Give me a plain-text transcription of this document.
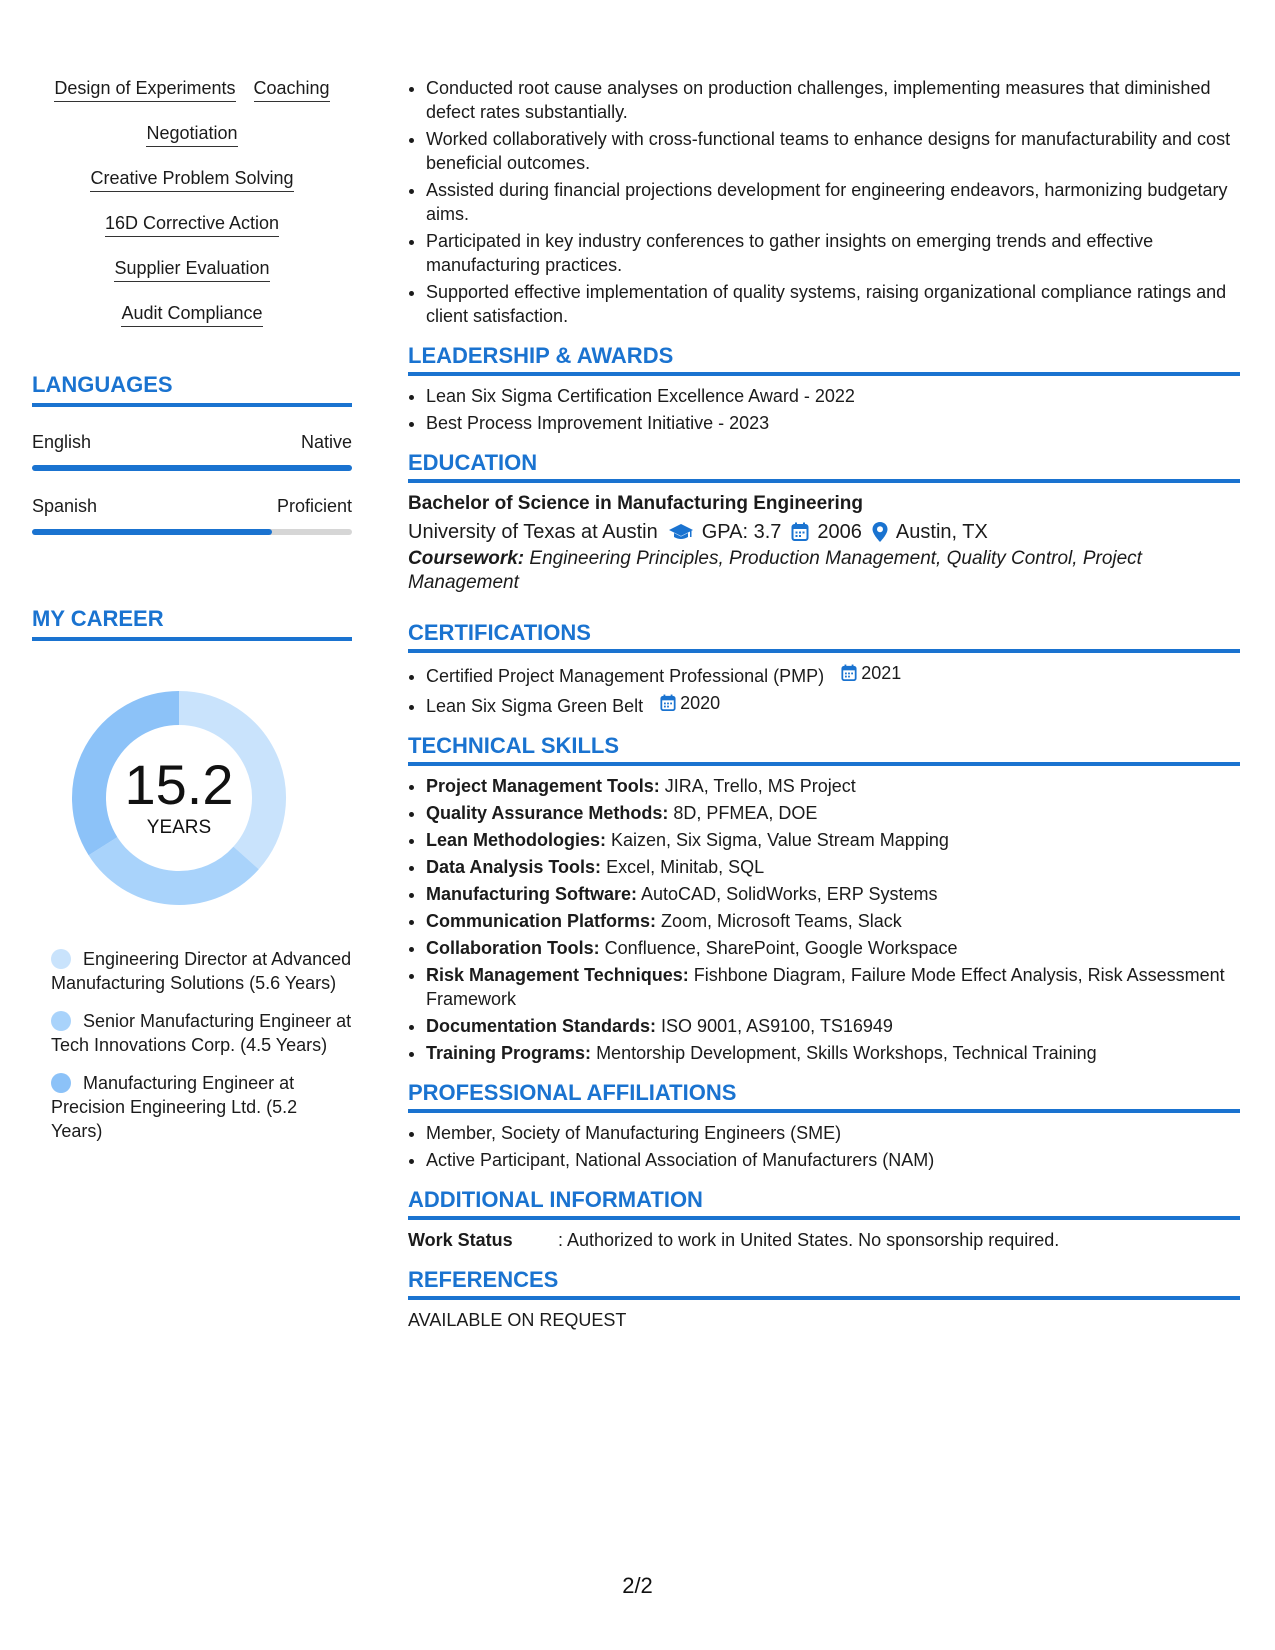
Design of Experiments Coaching
Negotiation
Creative Problem Solving
16D Corrective Action
Supplier Evaluation
Audit Compliance
LANGUAGES
English	Native
Spanish	Proficient
MY CAREER
15.2
YEARS
Engineering Director at Advanced Manufacturing Solutions (5.6 Years)
Senior Manufacturing Engineer at Tech Innovations Corp. (4.5 Years)
Manufacturing Engineer at Precision Engineering Ltd. (5.2 Years)
• Conducted root cause analyses on production challenges, implementing measures that diminished defect rates substantially.
• Worked collaboratively with cross-functional teams to enhance designs for manufacturability and cost beneficial outcomes.
• Assisted during financial projections development for engineering endeavors, harmonizing budgetary aims.
• Participated in key industry conferences to gather insights on emerging trends and effective manufacturing practices.
• Supported effective implementation of quality systems, raising organizational compliance ratings and client satisfaction.
LEADERSHIP & AWARDS
• Lean Six Sigma Certification Excellence Award - 2022
• Best Process Improvement Initiative - 2023
EDUCATION
Bachelor of Science in Manufacturing Engineering
University of Texas at Austin GPA: 3.7 2006 Austin, TX
Coursework: Engineering Principles, Production Management, Quality Control, Project Management
CERTIFICATIONS
• Certified Project Management Professional (PMP) 2021
• Lean Six Sigma Green Belt 2020
TECHNICAL SKILLS
• Project Management Tools: JIRA, Trello, MS Project
• Quality Assurance Methods: 8D, PFMEA, DOE
• Lean Methodologies: Kaizen, Six Sigma, Value Stream Mapping
• Data Analysis Tools: Excel, Minitab, SQL
• Manufacturing Software: AutoCAD, SolidWorks, ERP Systems
• Communication Platforms: Zoom, Microsoft Teams, Slack
• Collaboration Tools: Confluence, SharePoint, Google Workspace
• Risk Management Techniques: Fishbone Diagram, Failure Mode Effect Analysis, Risk Assessment Framework
• Documentation Standards: ISO 9001, AS9100, TS16949
• Training Programs: Mentorship Development, Skills Workshops, Technical Training
PROFESSIONAL AFFILIATIONS
• Member, Society of Manufacturing Engineers (SME)
• Active Participant, National Association of Manufacturers (NAM)
ADDITIONAL INFORMATION
Work Status	: Authorized to work in United States. No sponsorship required.
REFERENCES
AVAILABLE ON REQUEST
2/2
